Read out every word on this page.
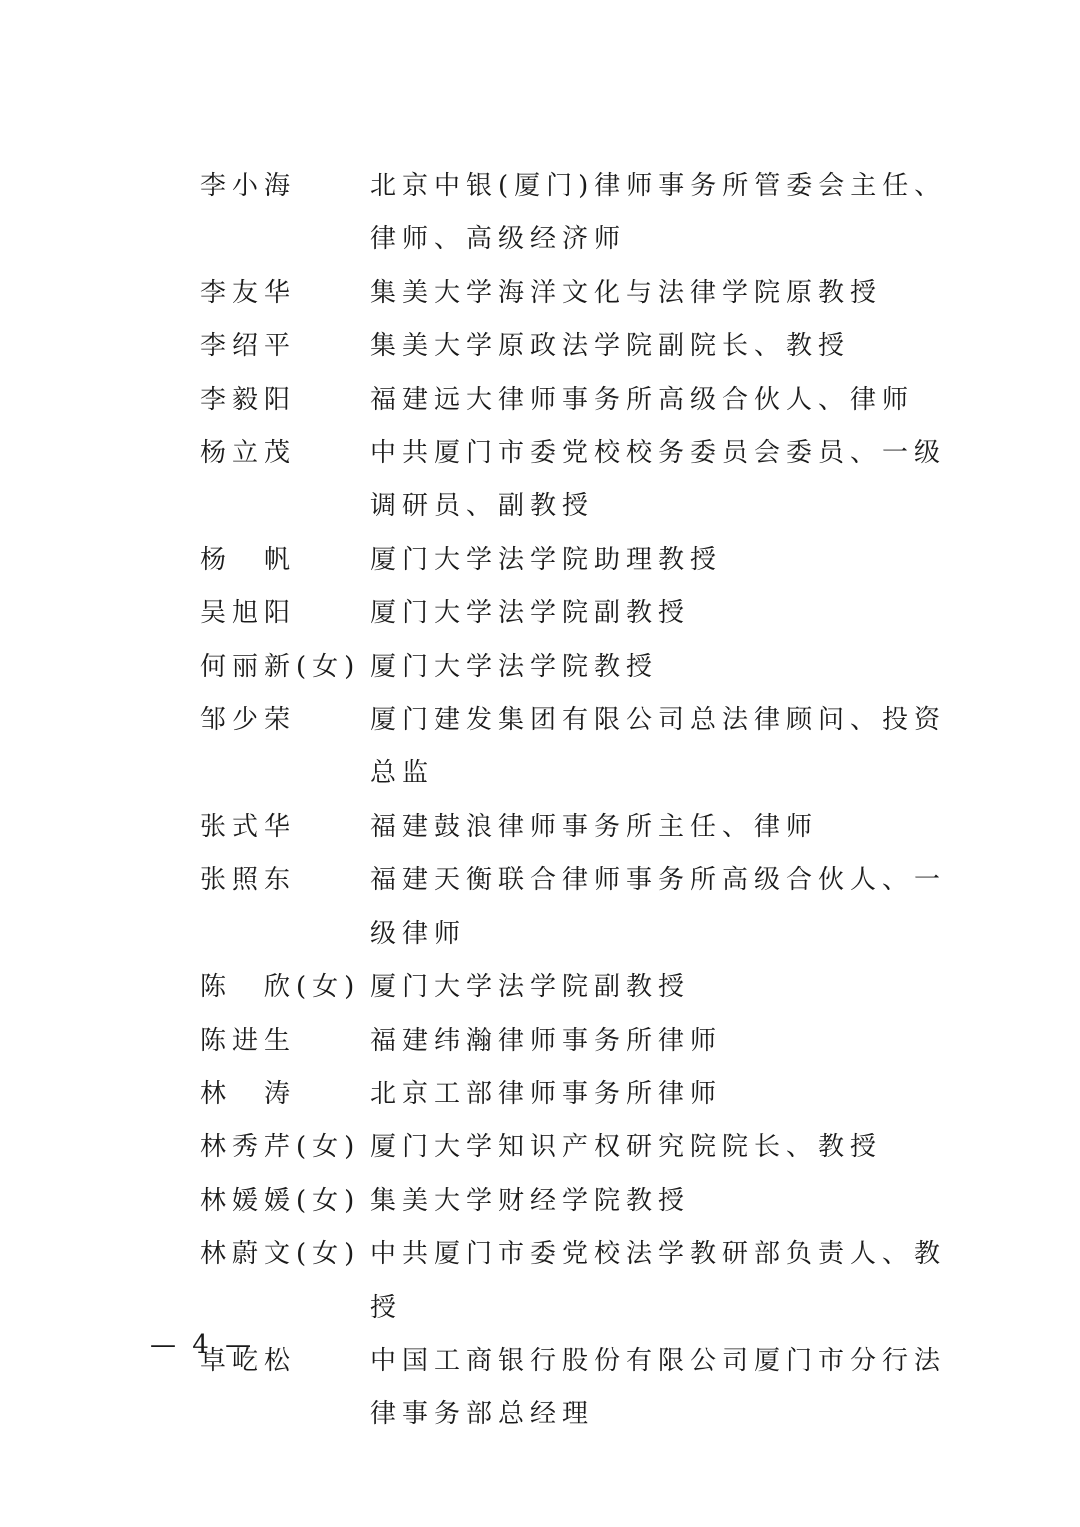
李小海	北京中银(厦门)律师事务所管委会主任、律师、高级经济师
李友华	集美大学海洋文化与法律学院原教授
李绍平	集美大学原政法学院副院长、教授
李毅阳	福建远大律师事务所高级合伙人、律师
杨立茂	中共厦门市委党校校务委员会委员、一级调研员、副教授
杨　帆	厦门大学法学院助理教授
吴旭阳	厦门大学法学院副教授
何丽新(女) 厦门大学法学院教授
邹少荣	厦门建发集团有限公司总法律顾问、投资总监
张式华	福建鼓浪律师事务所主任、律师
张照东	福建天衡联合律师事务所高级合伙人、一级律师
陈　欣(女) 厦门大学法学院副教授
陈进生	福建纬瀚律师事务所律师
林　涛	北京工部律师事务所律师
林秀芹(女) 厦门大学知识产权研究院院长、教授
林媛媛(女) 集美大学财经学院教授
林蔚文(女) 中共厦门市委党校法学教研部负责人、教授
卓屹松	中国工商银行股份有限公司厦门市分行法律事务部总经理
— 4 —
